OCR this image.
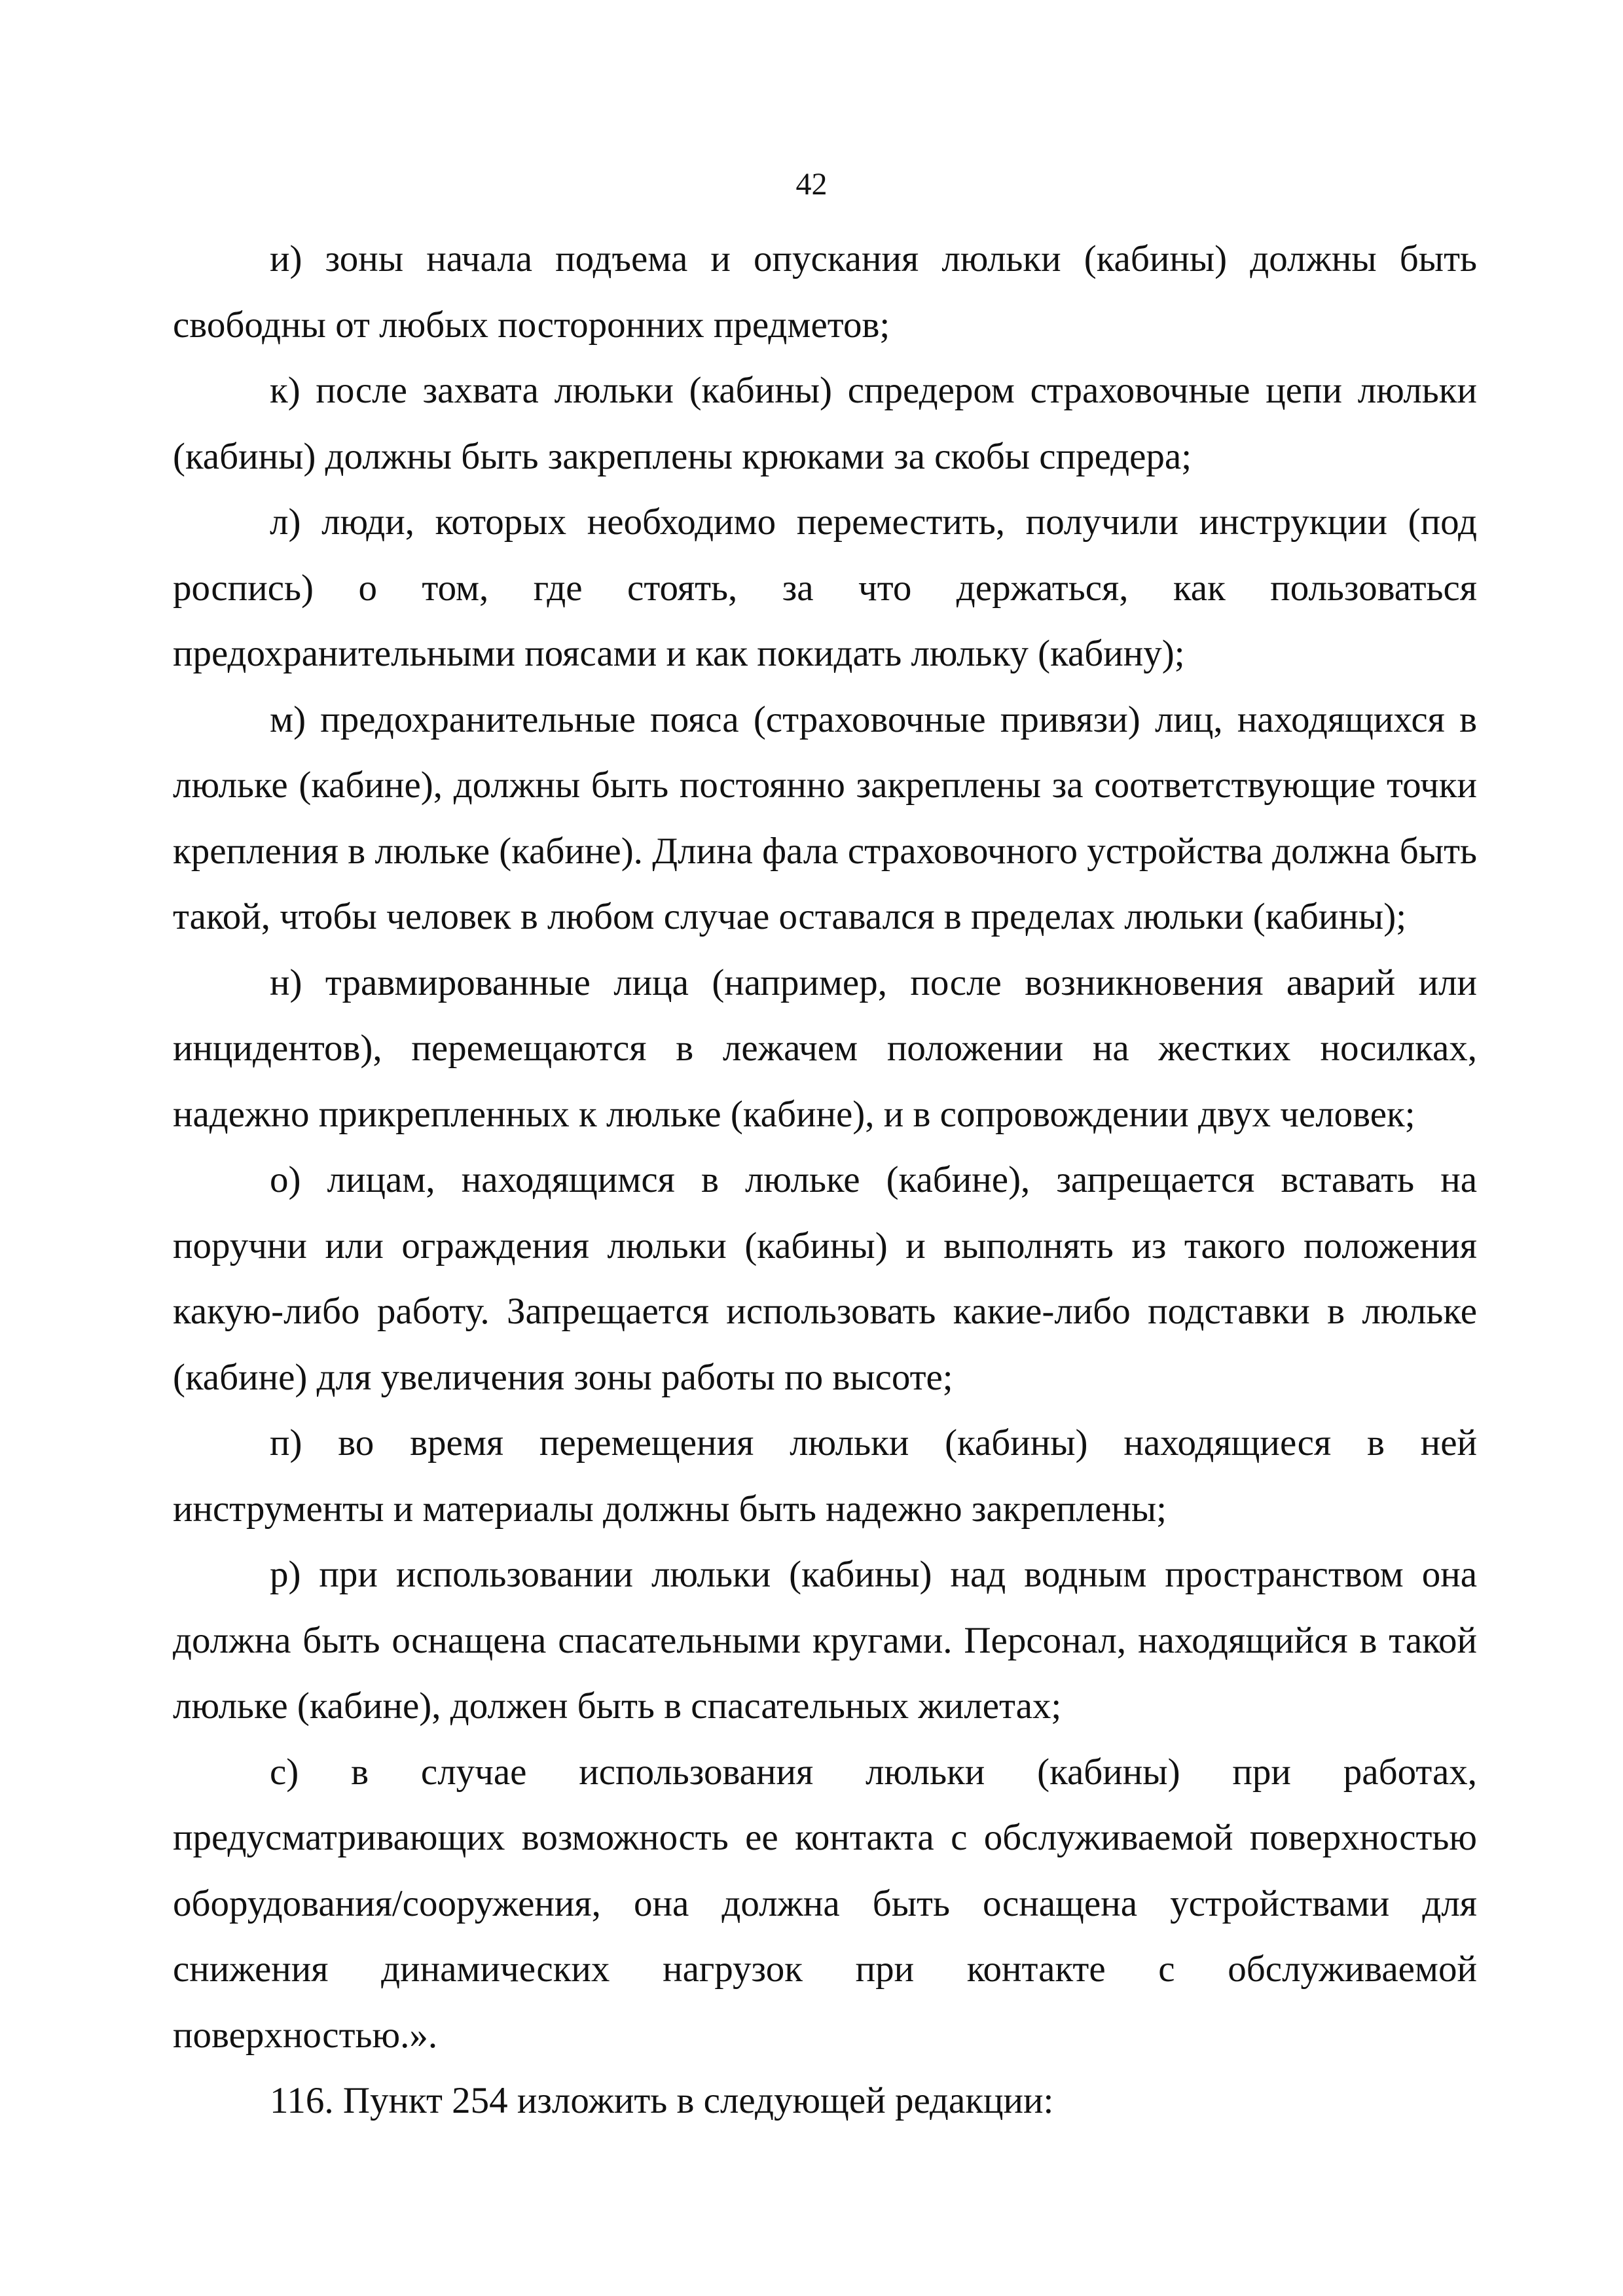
42

и) зоны начала подъема и опускания люльки (кабины) должны быть свободны от любых посторонних предметов;

к) после захвата люльки (кабины) спредером страховочные цепи люльки (кабины) должны быть закреплены крюками за скобы спредера;

л) люди, которых необходимо переместить, получили инструкции (под роспись) о том, где стоять, за что держаться, как пользоваться предохранительными поясами и как покидать люльку (кабину);

м) предохранительные пояса (страховочные привязи) лиц, находящихся в люльке (кабине), должны быть постоянно закреплены за соответствующие точки крепления в люльке (кабине). Длина фала страховочного устройства должна быть такой, чтобы человек в любом случае оставался в пределах люльки (кабины);

н) травмированные лица (например, после возникновения аварий или инцидентов), перемещаются в лежачем положении на жестких носилках, надежно прикрепленных к люльке (кабине), и в сопровождении двух человек;

о) лицам, находящимся в люльке (кабине), запрещается вставать на поручни или ограждения люльки (кабины) и выполнять из такого положения какую-либо работу. Запрещается использовать какие-либо подставки в люльке (кабине) для увеличения зоны работы по высоте;

п) во время перемещения люльки (кабины) находящиеся в ней инструменты и материалы должны быть надежно закреплены;

р) при использовании люльки (кабины) над водным пространством она должна быть оснащена спасательными кругами. Персонал, находящийся в такой люльке (кабине), должен быть в спасательных жилетах;

с) в случае использования люльки (кабины) при работах, предусматривающих возможность ее контакта с обслуживаемой поверхностью оборудования/сооружения, она должна быть оснащена устройствами для снижения динамических нагрузок при контакте с обслуживаемой поверхностью.».

116. Пункт 254 изложить в следующей редакции:
